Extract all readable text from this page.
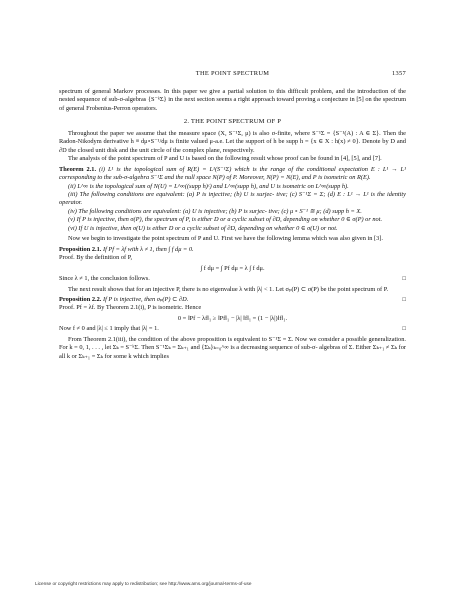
THE POINT SPECTRUM	1357

spectrum of general Markov processes. In this paper we give a partial solution to this difficult problem, and the introduction of the nested sequence of sub-σ-algebras {S⁻ᵏΣ} in the next section seems a right approach toward proving a conjecture in [5] on the spectrum of general Frobenius-Perron operators.

2. THE POINT SPECTRUM OF P

Throughout the paper we assume that the measure space (X, S⁻¹Σ, μ) is also σ-finite, where S⁻¹Σ = {S⁻¹(A) : A ∈ Σ}. Then the Radon-Nikodym derivative h ≡ dμ∘S⁻¹/dμ is finite valued μ-a.e. Let the support of h be supp h = {x ∈ X : h(x) ≠ 0}. Denote by D and ∂D the closed unit disk and the unit circle of the complex plane, respectively.

The analysis of the point spectrum of P and U is based on the following result whose proof can be found in [4], [5], and [7].

Theorem 2.1. (i) L¹ is the topological sum of R(E) = L¹(S⁻¹Σ) which is the range of the conditional expectation E : L¹ → L¹ corresponding to the sub-σ-algebra S⁻¹Σ and the null space N(P) of P. Moreover, N(P) = N(E), and P is isometric on R(E).

(ii) L^∞ is the topological sum of N(U) = L^∞((supp h)ᶜ) and L^∞(supp h), and U is isometric on L^∞(supp h).

(iii) The following conditions are equivalent: (a) P is injective; (b) U is surjec- tive; (c) S⁻¹Σ = Σ; (d) E : L¹ → L¹ is the identity operator.

(iv) The following conditions are equivalent: (a) U is injective; (b) P is surjec- tive; (c) μ ∘ S⁻¹ ≅ μ; (d) supp h = X.

(v) If P is injective, then σ(P), the spectrum of P, is either D or a cyclic subset of ∂D, depending on whether 0 ∈ σ(P) or not.

(vi) If U is injective, then σ(U) is either D or a cyclic subset of ∂D, depending on whether 0 ∈ σ(U) or not.

Now we begin to investigate the point spectrum of P and U. First we have the following lemma which was also given in [3].

Proposition 2.1. If Pf = λf with λ ≠ 1, then ∫ f dμ = 0.

Proof. By the definition of P,

∫ f dμ = ∫ Pf dμ = λ ∫ f dμ.

Since λ ≠ 1, the conclusion follows.	□

The next result shows that for an injective P, there is no eigenvalue λ with |λ| < 1. Let σₚ(P) ⊂ σ(P) be the point spectrum of P.

Proposition 2.2. If P is injective, then σₚ(P) ⊂ ∂D.	□

Proof. Pf = λf. By Theorem 2.1(i), P is isometric. Hence

0 = ‖Pf − λf‖₁ ≥ ‖Pf‖₁ − |λ| ‖f‖₁ = (1 − |λ|)‖f‖₁.

Now f ≠ 0 and |λ| ≤ 1 imply that |λ| = 1.	□

From Theorem 2.1(iii), the condition of the above proposition is equivalent to S⁻¹Σ = Σ. Now we consider a possible generalization. For k = 0, 1, . . . , let Σₖ = S⁻ᵏΣ. Then S⁻¹Σₖ = Σₖ₊₁ and {Σₖ}ₖ₌₀^∞ is a decreasing sequence of sub-σ- algebras of Σ. Either Σₖ₊₁ ≠ Σₖ for all k or Σₖ₊₁ = Σₖ for some k which implies

License or copyright restrictions may apply to redistribution; see http://www.ams.org/journal-terms-of-use
